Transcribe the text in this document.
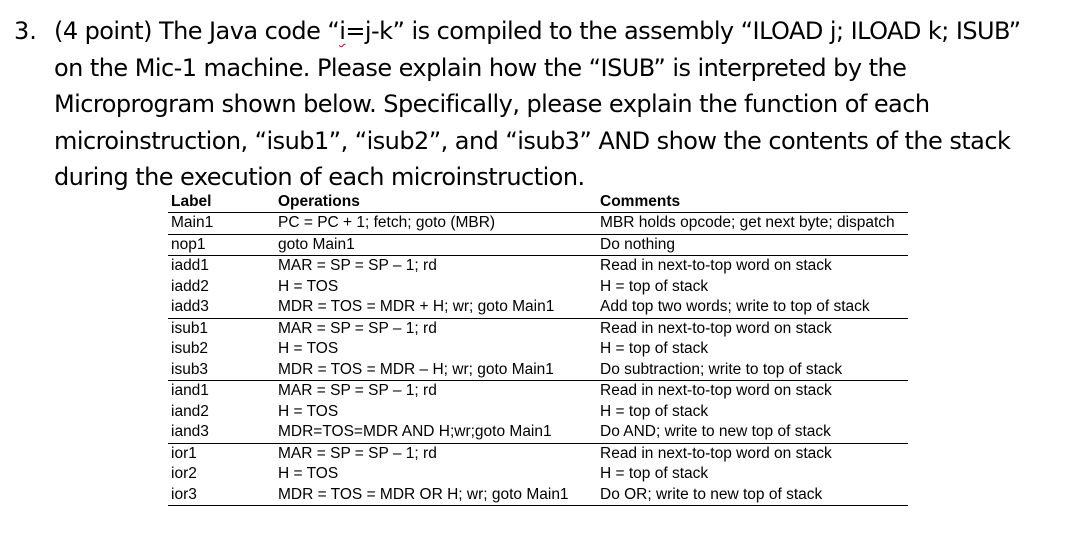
3. (4 point) The Java code “i=j-k” is compiled to the assembly “ILOAD j; ILOAD k; ISUB”
on the Mic-1 machine. Please explain how the “ISUB” is interpreted by the
Microprogram shown below. Specifically, please explain the function of each
microinstruction, “isub1”, “isub2”, and “isub3” AND show the contents of the stack
during the execution of each microinstruction.
Label	Operations	Comments
Main1	PC = PC + 1; fetch; goto (MBR)	MBR holds opcode; get next byte; dispatch
nop1	goto Main1	Do nothing
iadd1	MAR = SP = SP – 1; rd	Read in next-to-top word on stack
iadd2	H = TOS	H = top of stack
iadd3	MDR = TOS = MDR + H; wr; goto Main1	Add top two words; write to top of stack
isub1	MAR = SP = SP – 1; rd	Read in next-to-top word on stack
isub2	H = TOS	H = top of stack
isub3	MDR = TOS = MDR – H; wr; goto Main1	Do subtraction; write to top of stack
iand1	MAR = SP = SP – 1; rd	Read in next-to-top word on stack
iand2	H = TOS	H = top of stack
iand3	MDR=TOS=MDR AND H;wr;goto Main1	Do AND; write to new top of stack
ior1	MAR = SP = SP – 1; rd	Read in next-to-top word on stack
ior2	H = TOS	H = top of stack
ior3	MDR = TOS = MDR OR H; wr; goto Main1	Do OR; write to new top of stack
